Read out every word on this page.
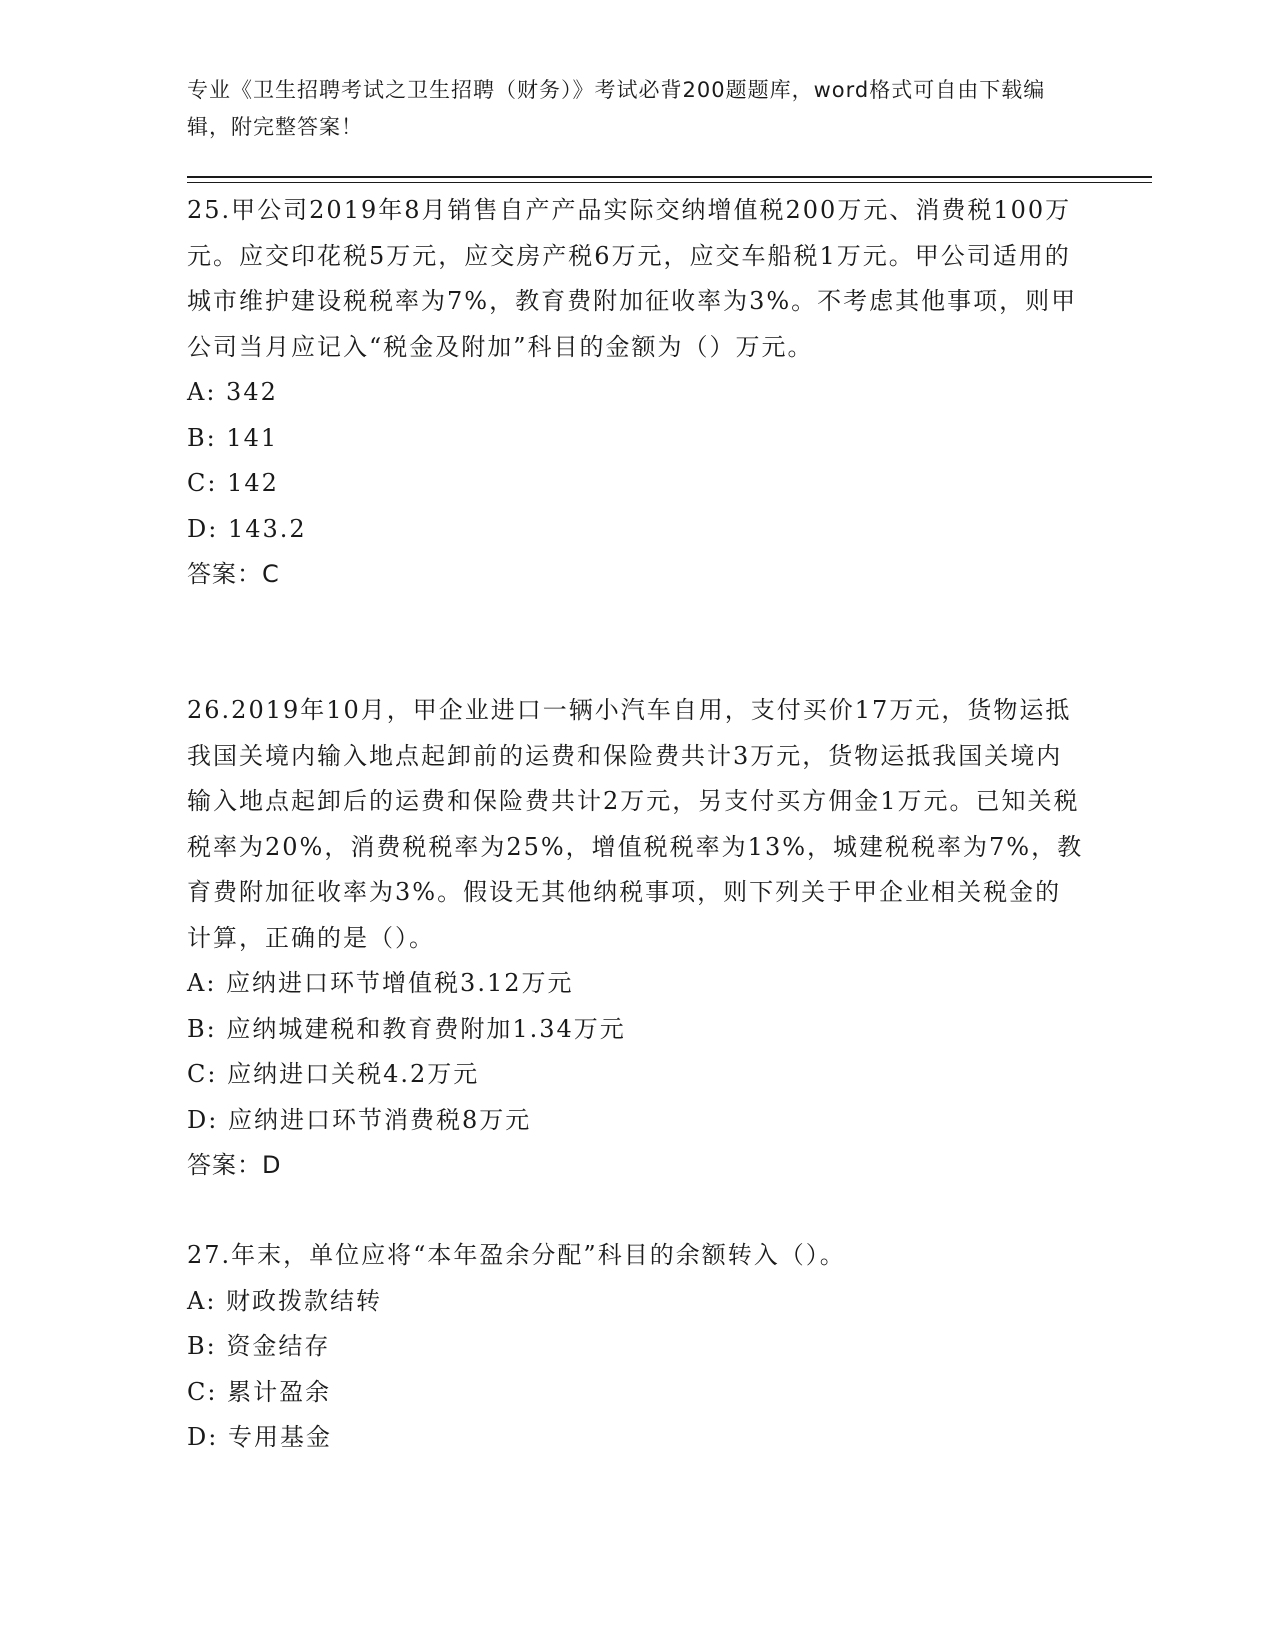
专业《卫生招聘考试之卫生招聘（财务）》考试必背200题题库，word格式可自由下载编辑，附完整答案！

25.甲公司2019年8月销售自产产品实际交纳增值税200万元、消费税100万元。应交印花税5万元，应交房产税6万元，应交车船税1万元。甲公司适用的城市维护建设税税率为7%，教育费附加征收率为3%。不考虑其他事项，则甲公司当月应记入“税金及附加”科目的金额为（）万元。

A: 342

B: 141

C: 142

D: 143.2

答案：C

26.2019年10月，甲企业进口一辆小汽车自用，支付买价17万元，货物运抵我国关境内输入地点起卸前的运费和保险费共计3万元，货物运抵我国关境内输入地点起卸后的运费和保险费共计2万元，另支付买方佣金1万元。已知关税税率为20%，消费税税率为25%，增值税税率为13%，城建税税率为7%，教育费附加征收率为3%。假设无其他纳税事项，则下列关于甲企业相关税金的计算，正确的是（）。

A: 应纳进口环节增值税3.12万元

B: 应纳城建税和教育费附加1.34万元

C: 应纳进口关税4.2万元

D: 应纳进口环节消费税8万元

答案：D

27.年末，单位应将“本年盈余分配”科目的余额转入（）。

A: 财政拨款结转

B: 资金结存

C: 累计盈余

D: 专用基金
